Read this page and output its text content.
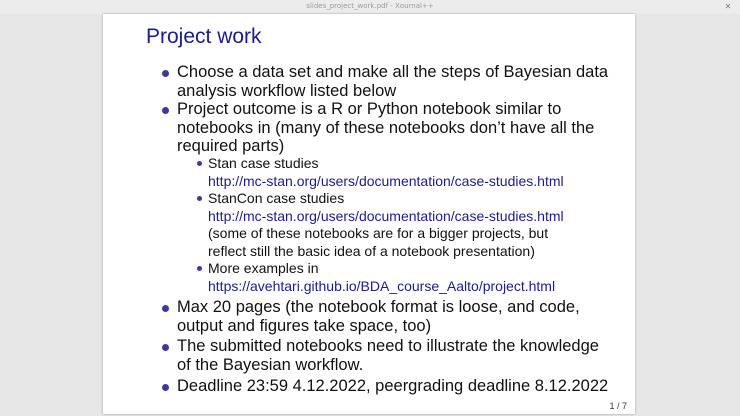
slides_project_work.pdf - Xournal++	✕
Project work
Choose a data set and make all the steps of Bayesian data
analysis workflow listed below
Project outcome is a R or Python notebook similar to
notebooks in (many of these notebooks don’t have all the
required parts)
Stan case studies
http://mc-stan.org/users/documentation/case-studies.html
StanCon case studies
http://mc-stan.org/users/documentation/case-studies.html
(some of these notebooks are for a bigger projects, but
reflect still the basic idea of a notebook presentation)
More examples in
https://avehtari.github.io/BDA_course_Aalto/project.html
Max 20 pages (the notebook format is loose, and code,
output and figures take space, too)
The submitted notebooks need to illustrate the knowledge
of the Bayesian workflow.
Deadline 23:59 4.12.2022, peergrading deadline 8.12.2022
1 / 7
